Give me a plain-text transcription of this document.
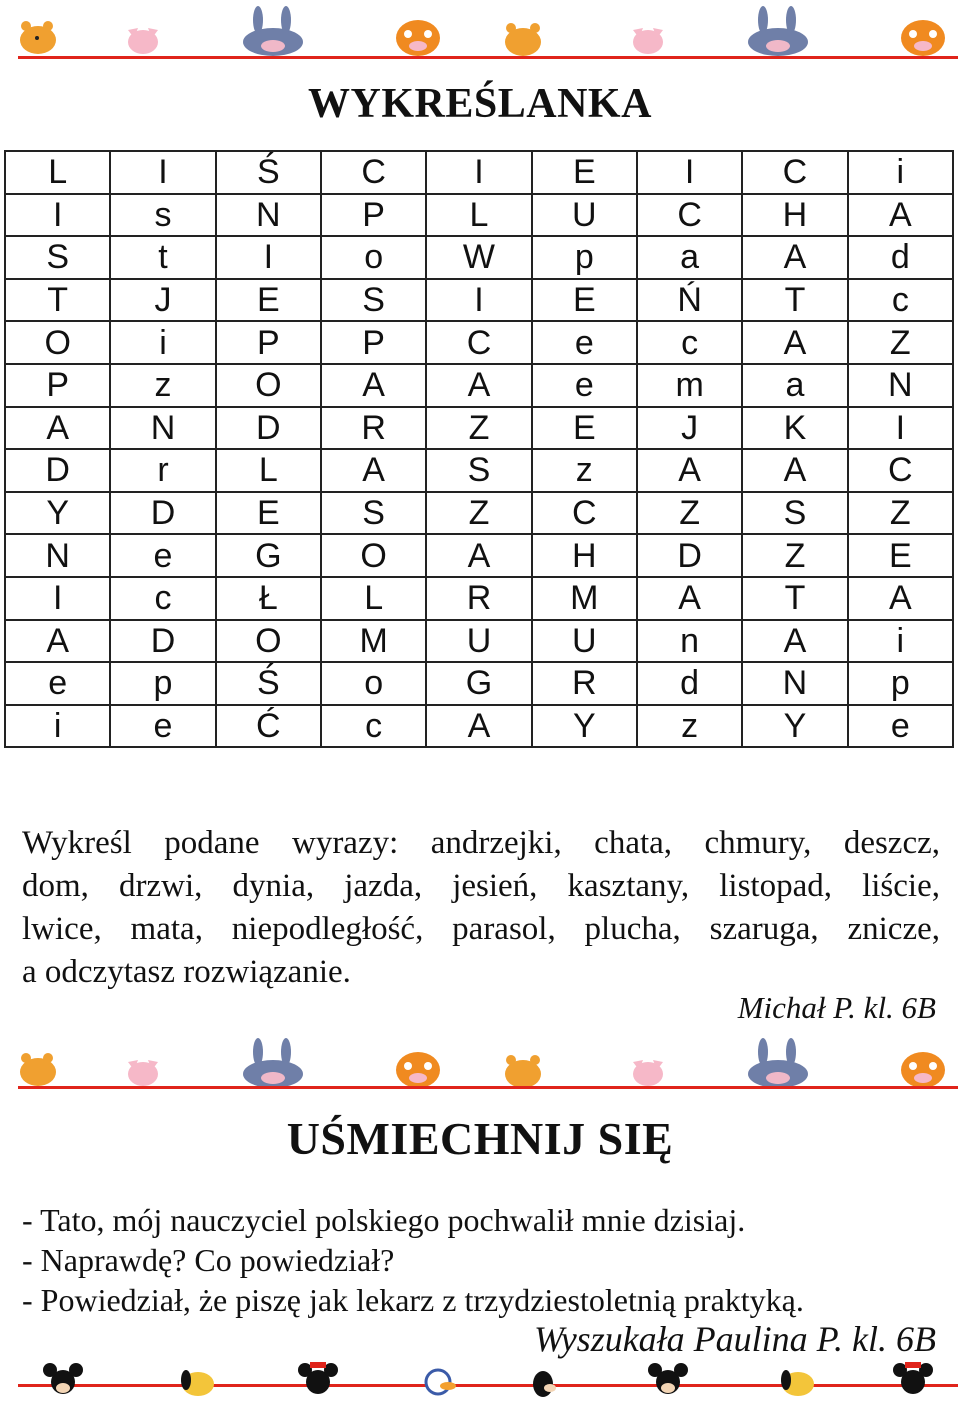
WYKREŚLANKA
L	I	Ś	C	I	E	I	C	i
I	s	N	P	L	U	C	H	A
S	t	I	o	W	p	a	A	d
T	J	E	S	I	E	Ń	T	c
O	i	P	P	C	e	c	A	Z
P	z	O	A	A	e	m	a	N
A	N	D	R	Z	E	J	K	I
D	r	L	A	S	z	A	A	C
Y	D	E	S	Z	C	Z	S	Z
N	e	G	O	A	H	D	Z	E
I	c	Ł	L	R	M	A	T	A
A	D	O	M	U	U	n	A	i
e	p	Ś	o	G	R	d	N	p
i	e	Ć	c	A	Y	z	Y	e

Wykreśl podane wyrazy: andrzejki, chata, chmury, deszcz,
dom, drzwi, dynia, jazda, jesień, kasztany, listopad, liście,
lwice, mata, niepodległość, parasol, plucha, szaruga, znicze,
a odczytasz rozwiązanie.

Michał P. kl. 6B

UŚMIECHNIJ SIĘ
- Tato, mój nauczyciel polskiego pochwalił mnie dzisiaj.
- Naprawdę? Co powiedział?
- Powiedział, że piszę jak lekarz z trzydziestoletnią praktyką.

Wyszukała Paulina P. kl. 6B
